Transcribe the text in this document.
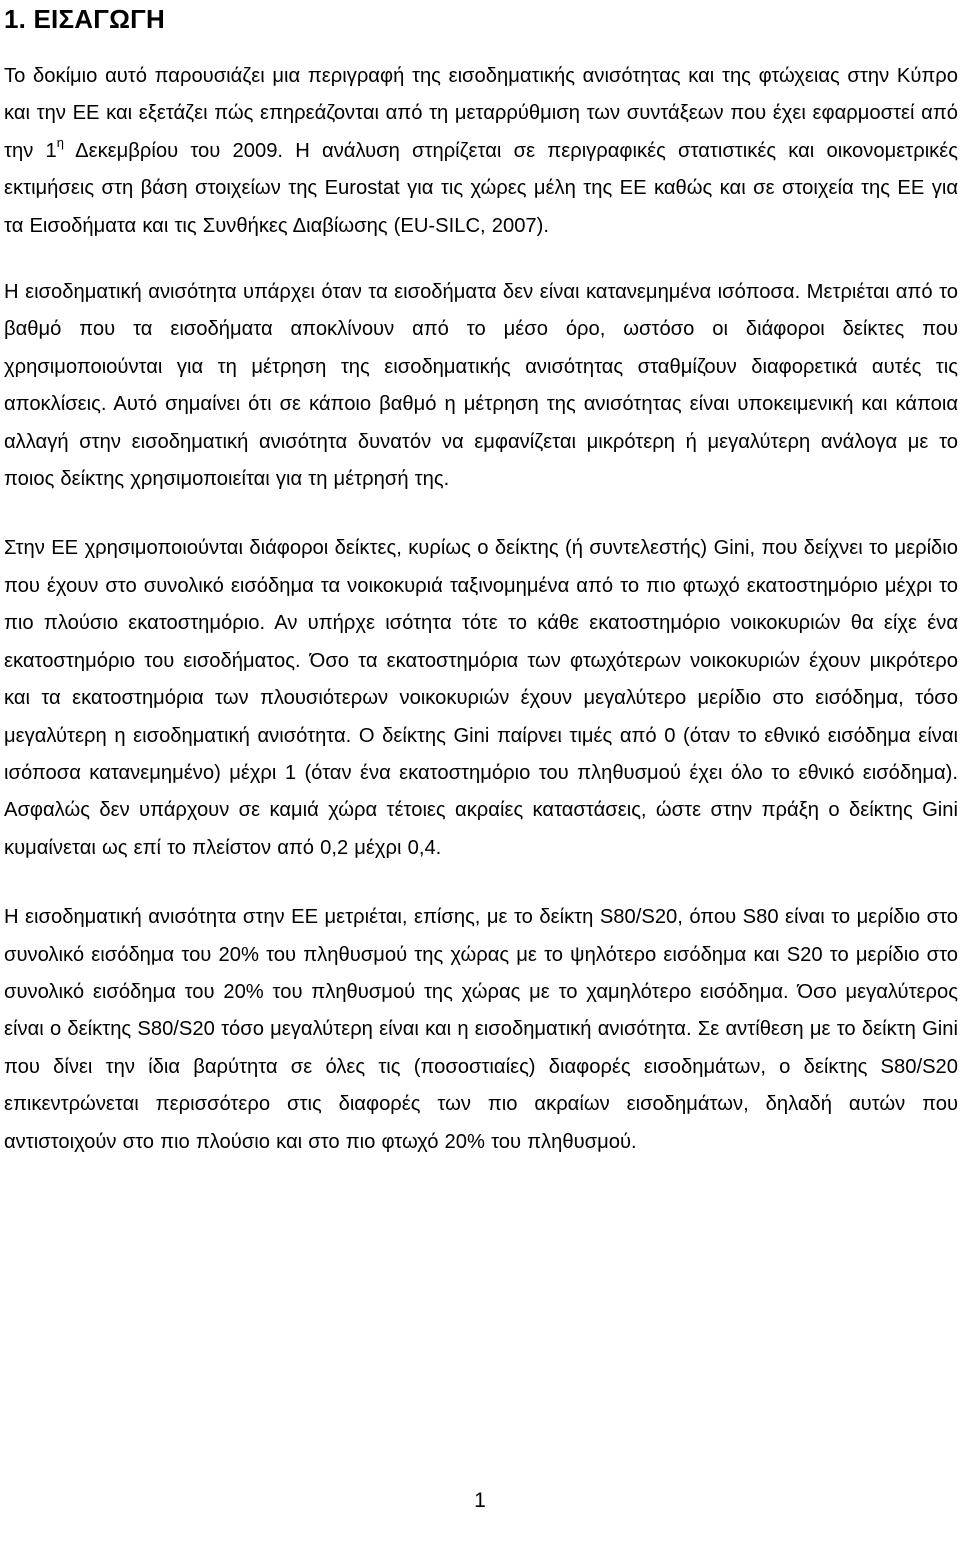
1. ΕΙΣΑΓΩΓΗ

Το δοκίμιο αυτό παρουσιάζει μια περιγραφή της εισοδηματικής ανισότητας και της φτώχειας στην Κύπρο και την ΕΕ και εξετάζει πώς επηρεάζονται από τη μεταρρύθμιση των συντάξεων που έχει εφαρμοστεί από την $1^\eta$ Δεκεμβρίου του 2009. Η ανάλυση στηρίζεται σε περιγραφικές στατιστικές και οικονομετρικές εκτιμήσεις στη βάση στοιχείων της Eurostat για τις χώρες μέλη της ΕΕ καθώς και σε στοιχεία της ΕΕ για τα Εισοδήματα και τις Συνθήκες Διαβίωσης (EU-SILC, 2007).

Η εισοδηματική ανισότητα υπάρχει όταν τα εισοδήματα δεν είναι κατανεμημένα ισόποσα. Μετριέται από το βαθμό που τα εισοδήματα αποκλίνουν από το μέσο όρο, ωστόσο οι διάφοροι δείκτες που χρησιμοποιούνται για τη μέτρηση της εισοδηματικής ανισότητας σταθμίζουν διαφορετικά αυτές τις αποκλίσεις. Αυτό σημαίνει ότι σε κάποιο βαθμό η μέτρηση της ανισότητας είναι υποκειμενική και κάποια αλλαγή στην εισοδηματική ανισότητα δυνατόν να εμφανίζεται μικρότερη ή μεγαλύτερη ανάλογα με το ποιος δείκτης χρησιμοποιείται για τη μέτρησή της.

Στην ΕΕ χρησιμοποιούνται διάφοροι δείκτες, κυρίως ο δείκτης (ή συντελεστής) Gini, που δείχνει το μερίδιο που έχουν στο συνολικό εισόδημα τα νοικοκυριά ταξινομημένα από το πιο φτωχό εκατοστημόριο μέχρι το πιο πλούσιο εκατοστημόριο. Αν υπήρχε ισότητα τότε το κάθε εκατοστημόριο νοικοκυριών θα είχε ένα εκατοστημόριο του εισοδήματος. Όσο τα εκατοστημόρια των φτωχότερων νοικοκυριών έχουν μικρότερο και τα εκατοστημόρια των πλουσιότερων νοικοκυριών έχουν μεγαλύτερο μερίδιο στο εισόδημα, τόσο μεγαλύτερη η εισοδηματική ανισότητα. Ο δείκτης Gini παίρνει τιμές από 0 (όταν το εθνικό εισόδημα είναι ισόποσα κατανεμημένο) μέχρι 1 (όταν ένα εκατοστημόριο του πληθυσμού έχει όλο το εθνικό εισόδημα). Ασφαλώς δεν υπάρχουν σε καμιά χώρα τέτοιες ακραίες καταστάσεις, ώστε στην πράξη ο δείκτης Gini κυμαίνεται ως επί το πλείστον από 0,2 μέχρι 0,4.

Η εισοδηματική ανισότητα στην ΕΕ μετριέται, επίσης, με το δείκτη S80/S20, όπου S80 είναι το μερίδιο στο συνολικό εισόδημα του 20% του πληθυσμού της χώρας με το ψηλότερο εισόδημα και S20 το μερίδιο στο συνολικό εισόδημα του 20% του πληθυσμού της χώρας με το χαμηλότερο εισόδημα. Όσο μεγαλύτερος είναι ο δείκτης S80/S20 τόσο μεγαλύτερη είναι και η εισοδηματική ανισότητα. Σε αντίθεση με το δείκτη Gini που δίνει την ίδια βαρύτητα σε όλες τις (ποσοστιαίες) διαφορές εισοδημάτων, ο δείκτης S80/S20 επικεντρώνεται περισσότερο στις διαφορές των πιο ακραίων εισοδημάτων, δηλαδή αυτών που αντιστοιχούν στο πιο πλούσιο και στο πιο φτωχό 20% του πληθυσμού.

1
